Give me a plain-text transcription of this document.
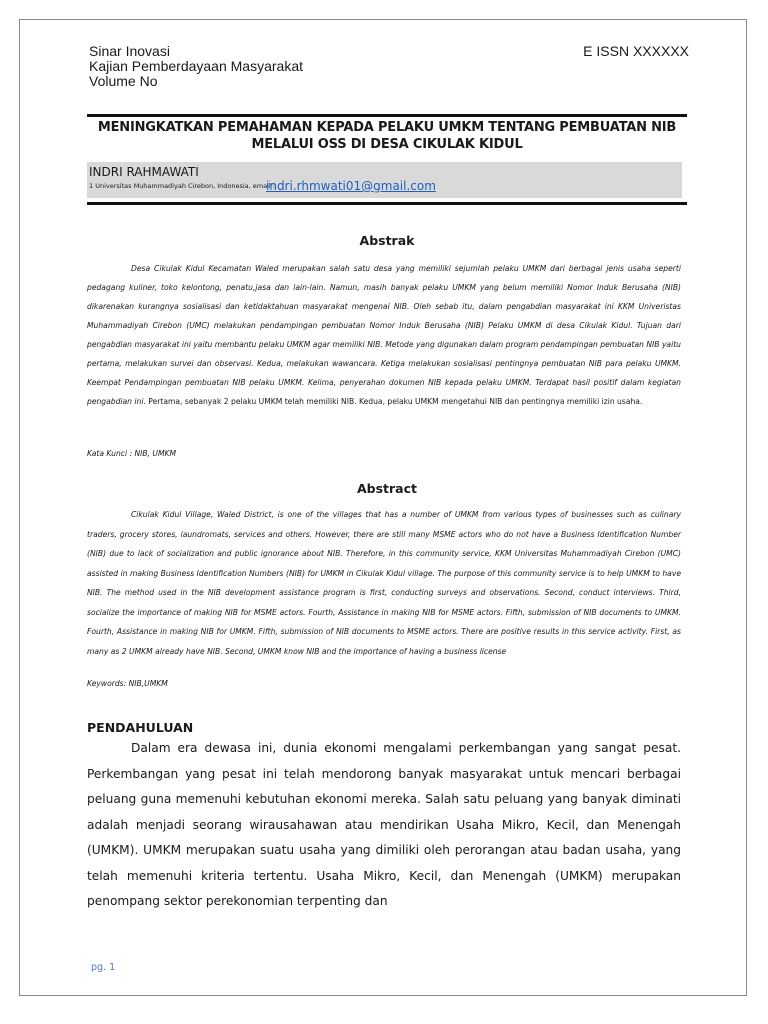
Sinar Inovasi
Kajian Pemberdayaan Masyarakat
Volume No
E ISSN XXXXXX
MENINGKATKAN PEMAHAMAN KEPADA PELAKU UMKM TENTANG PEMBUATAN NIB MELALUI OSS DI DESA CIKULAK KIDUL
INDRI RAHMAWATI
1 Universitas Muhammadiyah Cirebon, Indonesia, email :
indri.rhmwati01@gmail.com
Abstrak
Desa Cikulak Kidul Kecamatan Waled merupakan salah satu desa yang memiliki sejumlah pelaku UMKM dari berbagai jenis usaha seperti pedagang kuliner, toko kelontong, penatu,jasa dan lain-lain. Namun, masih banyak pelaku UMKM yang belum memiliki Nomor Induk Berusaha (NIB) dikarenakan kurangnya sosialisasi dan ketidaktahuan masyarakat mengenai NIB. Oleh sebab itu, dalam pengabdian masyarakat ini KKM Univeristas Muhammadiyah Cirebon (UMC) melakukan pendampingan pembuatan Nomor Induk Berusaha (NIB) Pelaku UMKM di desa Cikulak Kidul. Tujuan dari pengabdian masyarakat ini yaitu membantu pelaku UMKM agar memiliki NIB. Metode yang digunakan dalam program pendampingan pembuatan NIB yaitu pertama, melakukan survei dan observasi. Kedua, melakukan wawancara. Ketiga melakukan sosialisasi pentingnya pembuatan NIB para pelaku UMKM. Keempat Pendampingan pembuatan NIB pelaku UMKM. Kelima, penyerahan dokumen NIB kepada pelaku UMKM. Terdapat hasil positif dalam kegiatan pengabdian ini. Pertama, sebanyak 2 pelaku UMKM telah memiliki NIB. Kedua, pelaku UMKM mengetahui NIB dan pentingnya memiliki izin usaha.
Kata Kunci : NIB, UMKM
Abstract
Cikulak Kidul Village, Waled District, is one of the villages that has a number of UMKM from various types of businesses such as culinary traders, grocery stores, laundromats, services and others. However, there are still many MSME actors who do not have a Business Identification Number (NIB) due to lack of socialization and public ignorance about NIB. Therefore, in this community service, KKM Universitas Muhammadiyah Cirebon (UMC) assisted in making Business Identification Numbers (NIB) for UMKM in Cikulak Kidul village. The purpose of this community service is to help UMKM to have NIB. The method used in the NIB development assistance program is first, conducting surveys and observations. Second, conduct interviews. Third, socialize the importance of making NIB for MSME actors. Fourth, Assistance in making NIB for MSME actors. Fifth, submission of NIB documents to UMKM. Fourth, Assistance in making NIB for UMKM. Fifth, submission of NIB documents to MSME actors. There are positive results in this service activity. First, as many as 2 UMKM already have NIB. Second, UMKM know NIB and the importance of having a business license
Keywords: NIB,UMKM
PENDAHULUAN
Dalam era dewasa ini, dunia ekonomi mengalami perkembangan yang sangat pesat. Perkembangan yang pesat ini telah mendorong banyak masyarakat untuk mencari berbagai peluang guna memenuhi kebutuhan ekonomi mereka. Salah satu peluang yang banyak diminati adalah menjadi seorang wirausahawan atau mendirikan Usaha Mikro, Kecil, dan Menengah (UMKM). UMKM merupakan suatu usaha yang dimiliki oleh perorangan atau badan usaha, yang telah memenuhi kriteria tertentu. Usaha Mikro, Kecil, dan Menengah (UMKM) merupakan penompang sektor perekonomian terpenting dan
pg. 1
